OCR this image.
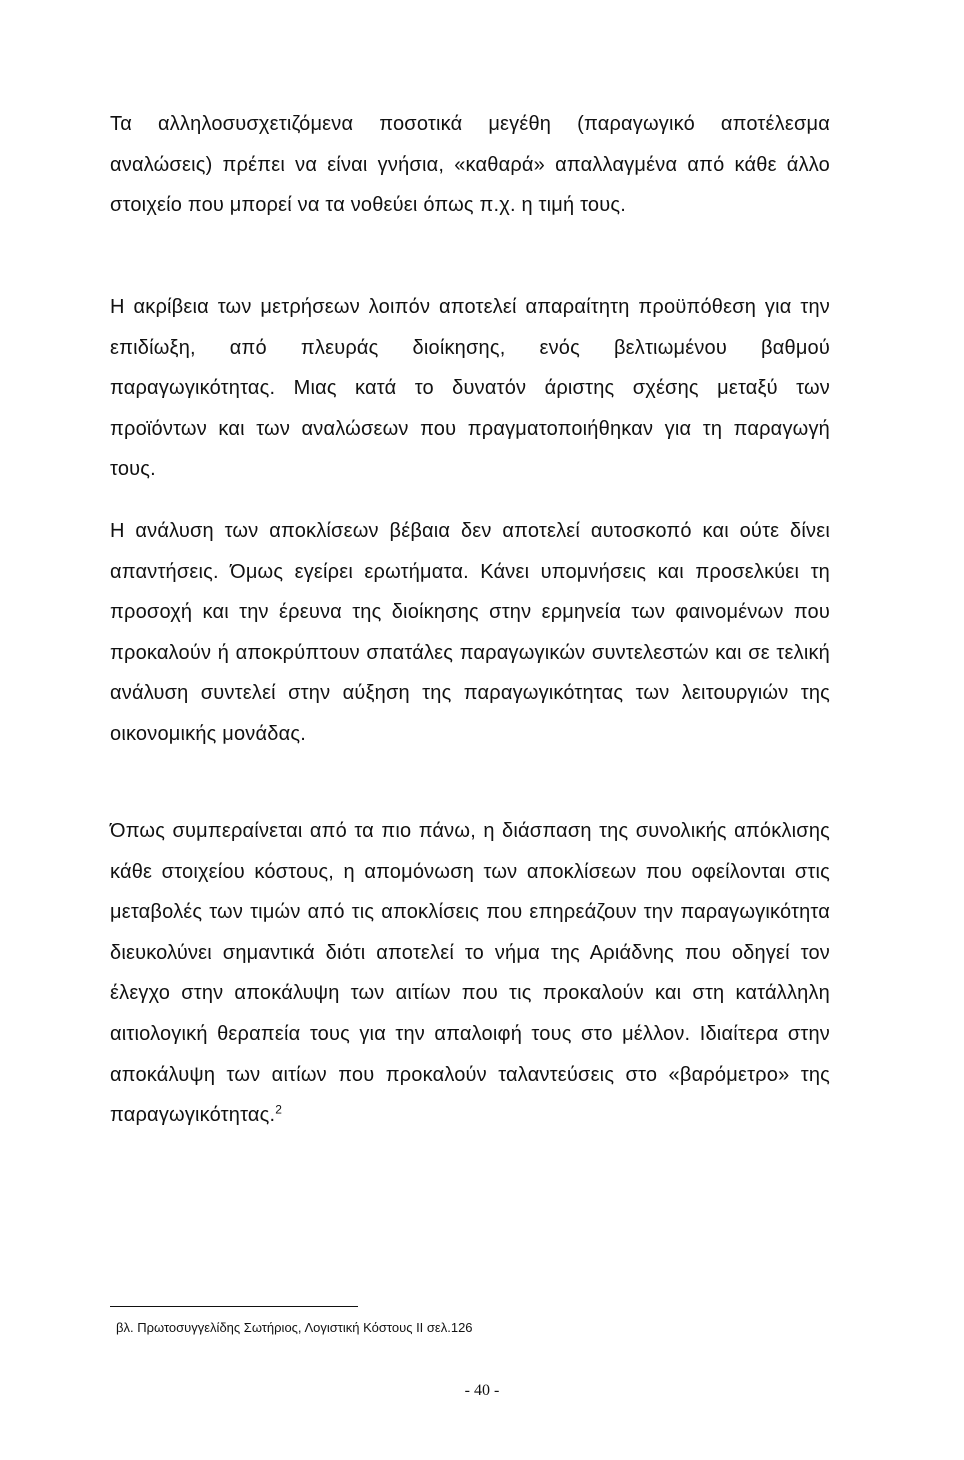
Τα αλληλοσυσχετιζόμενα ποσοτικά μεγέθη (παραγωγικό αποτέλεσμα αναλώσεις) πρέπει να είναι γνήσια, «καθαρά» απαλλαγμένα από κάθε άλλο στοιχείο που μπορεί να τα νοθεύει όπως π.χ. η τιμή τους.

Η ακρίβεια των μετρήσεων λοιπόν αποτελεί απαραίτητη προϋπόθεση για την επιδίωξη, από πλευράς διοίκησης, ενός βελτιωμένου βαθμού παραγωγικότητας. Μιας κατά το δυνατόν άριστης σχέσης μεταξύ των προϊόντων και των αναλώσεων που πραγματοποιήθηκαν για τη παραγωγή τους.

Η ανάλυση των αποκλίσεων βέβαια δεν αποτελεί αυτοσκοπό και ούτε δίνει απαντήσεις. Όμως εγείρει ερωτήματα. Κάνει υπομνήσεις και προσελκύει τη προσοχή και την έρευνα της διοίκησης στην ερμηνεία των φαινομένων που προκαλούν ή αποκρύπτουν σπατάλες παραγωγικών συντελεστών και σε τελική ανάλυση συντελεί στην αύξηση της παραγωγικότητας των λειτουργιών της οικονομικής μονάδας.

Όπως συμπεραίνεται από τα πιο πάνω, η διάσπαση της συνολικής απόκλισης κάθε στοιχείου κόστους, η απομόνωση των αποκλίσεων που οφείλονται στις μεταβολές των τιμών από τις αποκλίσεις που επηρεάζουν την παραγωγικότητα διευκολύνει σημαντικά διότι αποτελεί το νήμα της Αριάδνης που οδηγεί τον έλεγχο στην αποκάλυψη των αιτίων που τις προκαλούν και στη κατάλληλη αιτιολογική θεραπεία τους για την απαλοιφή τους στο μέλλον. Ιδιαίτερα στην αποκάλυψη των αιτίων που προκαλούν ταλαντεύσεις στο «βαρόμετρο» της παραγωγικότητας.$^2$

βλ. Πρωτοσυγγελίδης Σωτήριος, Λογιστική Κόστους ΙΙ σελ.126

- 40 -
